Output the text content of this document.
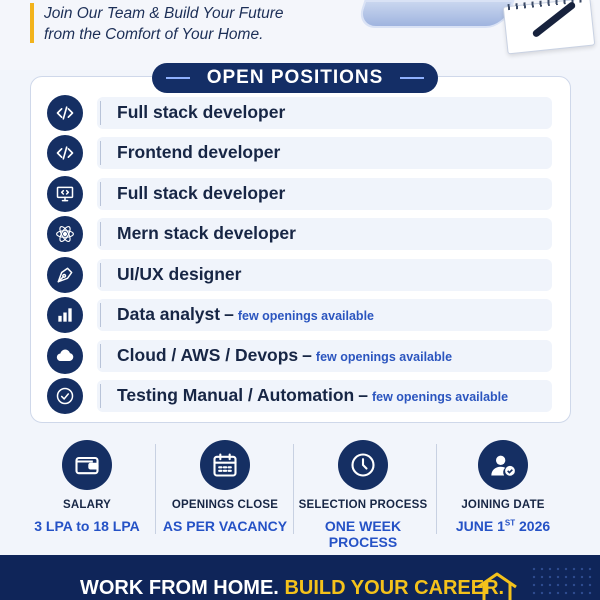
Join Our Team & Build Your Future
from the Comfort of Your Home.
OPEN POSITIONS
Full stack developer
Frontend developer
Full stack developer
Mern stack developer
UI/UX designer
Data analyst – few openings available
Cloud / AWS / Devops – few openings available
Testing Manual / Automation – few openings available
SALARY
3 LPA to 18 LPA
OPENINGS CLOSE
AS PER VACANCY
SELECTION PROCESS
ONE WEEK PROCESS
JOINING DATE
JUNE 1ST 2026
WORK FROM HOME. BUILD YOUR CAREER.
